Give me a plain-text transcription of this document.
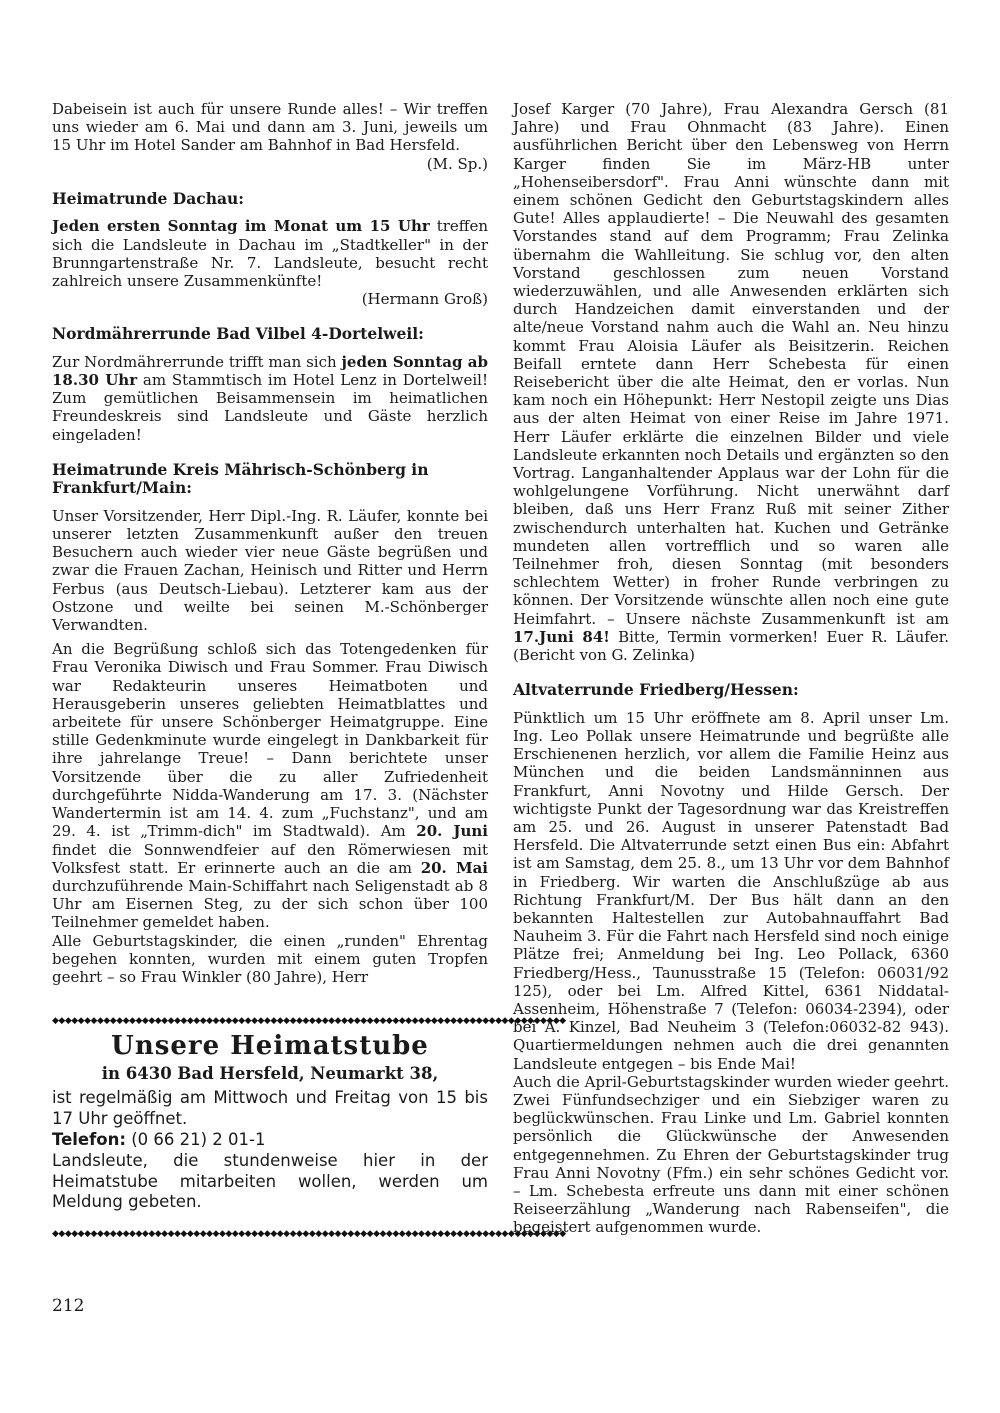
Dabeisein ist auch für unsere Runde alles! – Wir treffen uns wieder am 6. Mai und dann am 3. Juni, jeweils um 15 Uhr im Hotel Sander am Bahnhof in Bad Hersfeld.

(M. Sp.)

Heimatrunde Dachau:

Jeden ersten Sonntag im Monat um 15 Uhr treffen sich die Landsleute in Dachau im „Stadtkeller" in der Brunngartenstraße Nr. 7. Landsleute, besucht recht zahlreich unsere Zusammenkünfte!

(Hermann Groß)

Nordmährerrunde Bad Vilbel 4-Dortelweil:

Zur Nordmährerrunde trifft man sich jeden Sonntag ab 18.30 Uhr am Stammtisch im Hotel Lenz in Dortelweil! Zum gemütlichen Beisammensein im heimatlichen Freundeskreis sind Landsleute und Gäste herzlich eingeladen!

Heimatrunde Kreis Mährisch-Schönberg in
Frankfurt/Main:

Unser Vorsitzender, Herr Dipl.-Ing. R. Läufer, konnte bei unserer letzten Zusammenkunft außer den treuen Besuchern auch wieder vier neue Gäste begrüßen und zwar die Frauen Zachan, Heinisch und Ritter und Herrn Ferbus (aus Deutsch-Liebau). Letzterer kam aus der Ostzone und weilte bei seinen M.-Schönberger Verwandten.

An die Begrüßung schloß sich das Totengedenken für Frau Veronika Diwisch und Frau Sommer. Frau Diwisch war Redakteurin unseres Heimatboten und Herausgeberin unseres geliebten Heimatblattes und arbeitete für unsere Schönberger Heimatgruppe. Eine stille Gedenkminute wurde eingelegt in Dankbarkeit für ihre jahrelange Treue! – Dann berichtete unser Vorsitzende über die zu aller Zufriedenheit durchgeführte Nidda-Wanderung am 17. 3. (Nächster Wandertermin ist am 14. 4. zum „Fuchstanz", und am 29. 4. ist „Trimm-dich" im Stadtwald). Am 20. Juni findet die Sonnwendfeier auf den Römerwiesen mit Volksfest statt. Er erinnerte auch an die am 20. Mai durchzuführende Main-Schiffahrt nach Seligenstadt ab 8 Uhr am Eisernen Steg, zu der sich schon über 100 Teilnehmer gemeldet haben.

Alle Geburtstagskinder, die einen „runden" Ehrentag begehen konnten, wurden mit einem guten Tropfen geehrt – so Frau Winkler (80 Jahre), Herr

◆◆◆◆◆◆◆◆◆◆◆◆◆◆◆◆◆◆◆◆◆◆◆◆◆◆◆◆◆◆◆◆◆◆◆◆◆◆◆◆◆◆◆◆◆◆◆◆◆◆◆◆◆◆◆◆◆◆◆◆◆◆◆◆◆◆◆◆◆◆◆◆◆◆◆◆◆◆◆◆
Unsere Heimatstube
in 6430 Bad Hersfeld, Neumarkt 38,
ist regelmäßig am Mittwoch und Freitag von 15 bis 17 Uhr geöffnet.
Telefon: (0 66 21) 2 01-1
Landsleute, die stundenweise hier in der Heimatstube mitarbeiten wollen, werden um Meldung gebeten.
◆◆◆◆◆◆◆◆◆◆◆◆◆◆◆◆◆◆◆◆◆◆◆◆◆◆◆◆◆◆◆◆◆◆◆◆◆◆◆◆◆◆◆◆◆◆◆◆◆◆◆◆◆◆◆◆◆◆◆◆◆◆◆◆◆◆◆◆◆◆◆◆◆◆◆◆◆◆◆◆

Josef Karger (70 Jahre), Frau Alexandra Gersch (81 Jahre) und Frau Ohnmacht (83 Jahre). Einen ausführlichen Bericht über den Lebensweg von Herrn Karger finden Sie im März-HB unter „Hohenseibersdorf". Frau Anni wünschte dann mit einem schönen Gedicht den Geburtstagskindern alles Gute! Alles applaudierte! – Die Neuwahl des gesamten Vorstandes stand auf dem Programm; Frau Zelinka übernahm die Wahlleitung. Sie schlug vor, den alten Vorstand geschlossen zum neuen Vorstand wiederzuwählen, und alle Anwesenden erklärten sich durch Handzeichen damit einverstanden und der alte/neue Vorstand nahm auch die Wahl an. Neu hinzu kommt Frau Aloisia Läufer als Beisitzerin. Reichen Beifall erntete dann Herr Schebesta für einen Reisebericht über die alte Heimat, den er vorlas. Nun kam noch ein Höhepunkt: Herr Nestopil zeigte uns Dias aus der alten Heimat von einer Reise im Jahre 1971. Herr Läufer erklärte die einzelnen Bilder und viele Landsleute erkannten noch Details und ergänzten so den Vortrag. Langanhaltender Applaus war der Lohn für die wohlgelungene Vorführung. Nicht unerwähnt darf bleiben, daß uns Herr Franz Ruß mit seiner Zither zwischendurch unterhalten hat. Kuchen und Getränke mundeten allen vortrefflich und so waren alle Teilnehmer froh, diesen Sonntag (mit besonders schlechtem Wetter) in froher Runde verbringen zu können. Der Vorsitzende wünschte allen noch eine gute Heimfahrt. – Unsere nächste Zusammenkunft ist am 17.Juni 84! Bitte, Termin vormerken! Euer R. Läufer. (Bericht von G. Zelinka)

Altvaterrunde Friedberg/Hessen:

Pünktlich um 15 Uhr eröffnete am 8. April unser Lm. Ing. Leo Pollak unsere Heimatrunde und begrüßte alle Erschienenen herzlich, vor allem die Familie Heinz aus München und die beiden Landsmänninnen aus Frankfurt, Anni Novotny und Hilde Gersch. Der wichtigste Punkt der Tagesordnung war das Kreistreffen am 25. und 26. August in unserer Patenstadt Bad Hersfeld. Die Altvaterrunde setzt einen Bus ein: Abfahrt ist am Samstag, dem 25. 8., um 13 Uhr vor dem Bahnhof in Friedberg. Wir warten die Anschlußzüge ab aus Richtung Frankfurt/M. Der Bus hält dann an den bekannten Haltestellen zur Autobahnauffahrt Bad Nauheim 3. Für die Fahrt nach Hersfeld sind noch einige Plätze frei; Anmeldung bei Ing. Leo Pollack, 6360 Friedberg/Hess., Taunusstraße 15 (Telefon: 06031/92 125), oder bei Lm. Alfred Kittel, 6361 Niddatal-Assenheim, Höhenstraße 7 (Telefon: 06034-2394), oder bei A. Kinzel, Bad Neuheim 3 (Telefon:06032-82 943). Quartiermeldungen nehmen auch die drei genannten Landsleute entgegen – bis Ende Mai!

Auch die April-Geburtstagskinder wurden wieder geehrt. Zwei Fünfundsechziger und ein Siebziger waren zu beglückwünschen. Frau Linke und Lm. Gabriel konnten persönlich die Glückwünsche der Anwesenden entgegennehmen. Zu Ehren der Geburtstagskinder trug Frau Anni Novotny (Ffm.) ein sehr schönes Gedicht vor. – Lm. Schebesta erfreute uns dann mit einer schönen Reiseerzählung „Wanderung nach Rabenseifen", die begeistert aufgenommen wurde.

212
